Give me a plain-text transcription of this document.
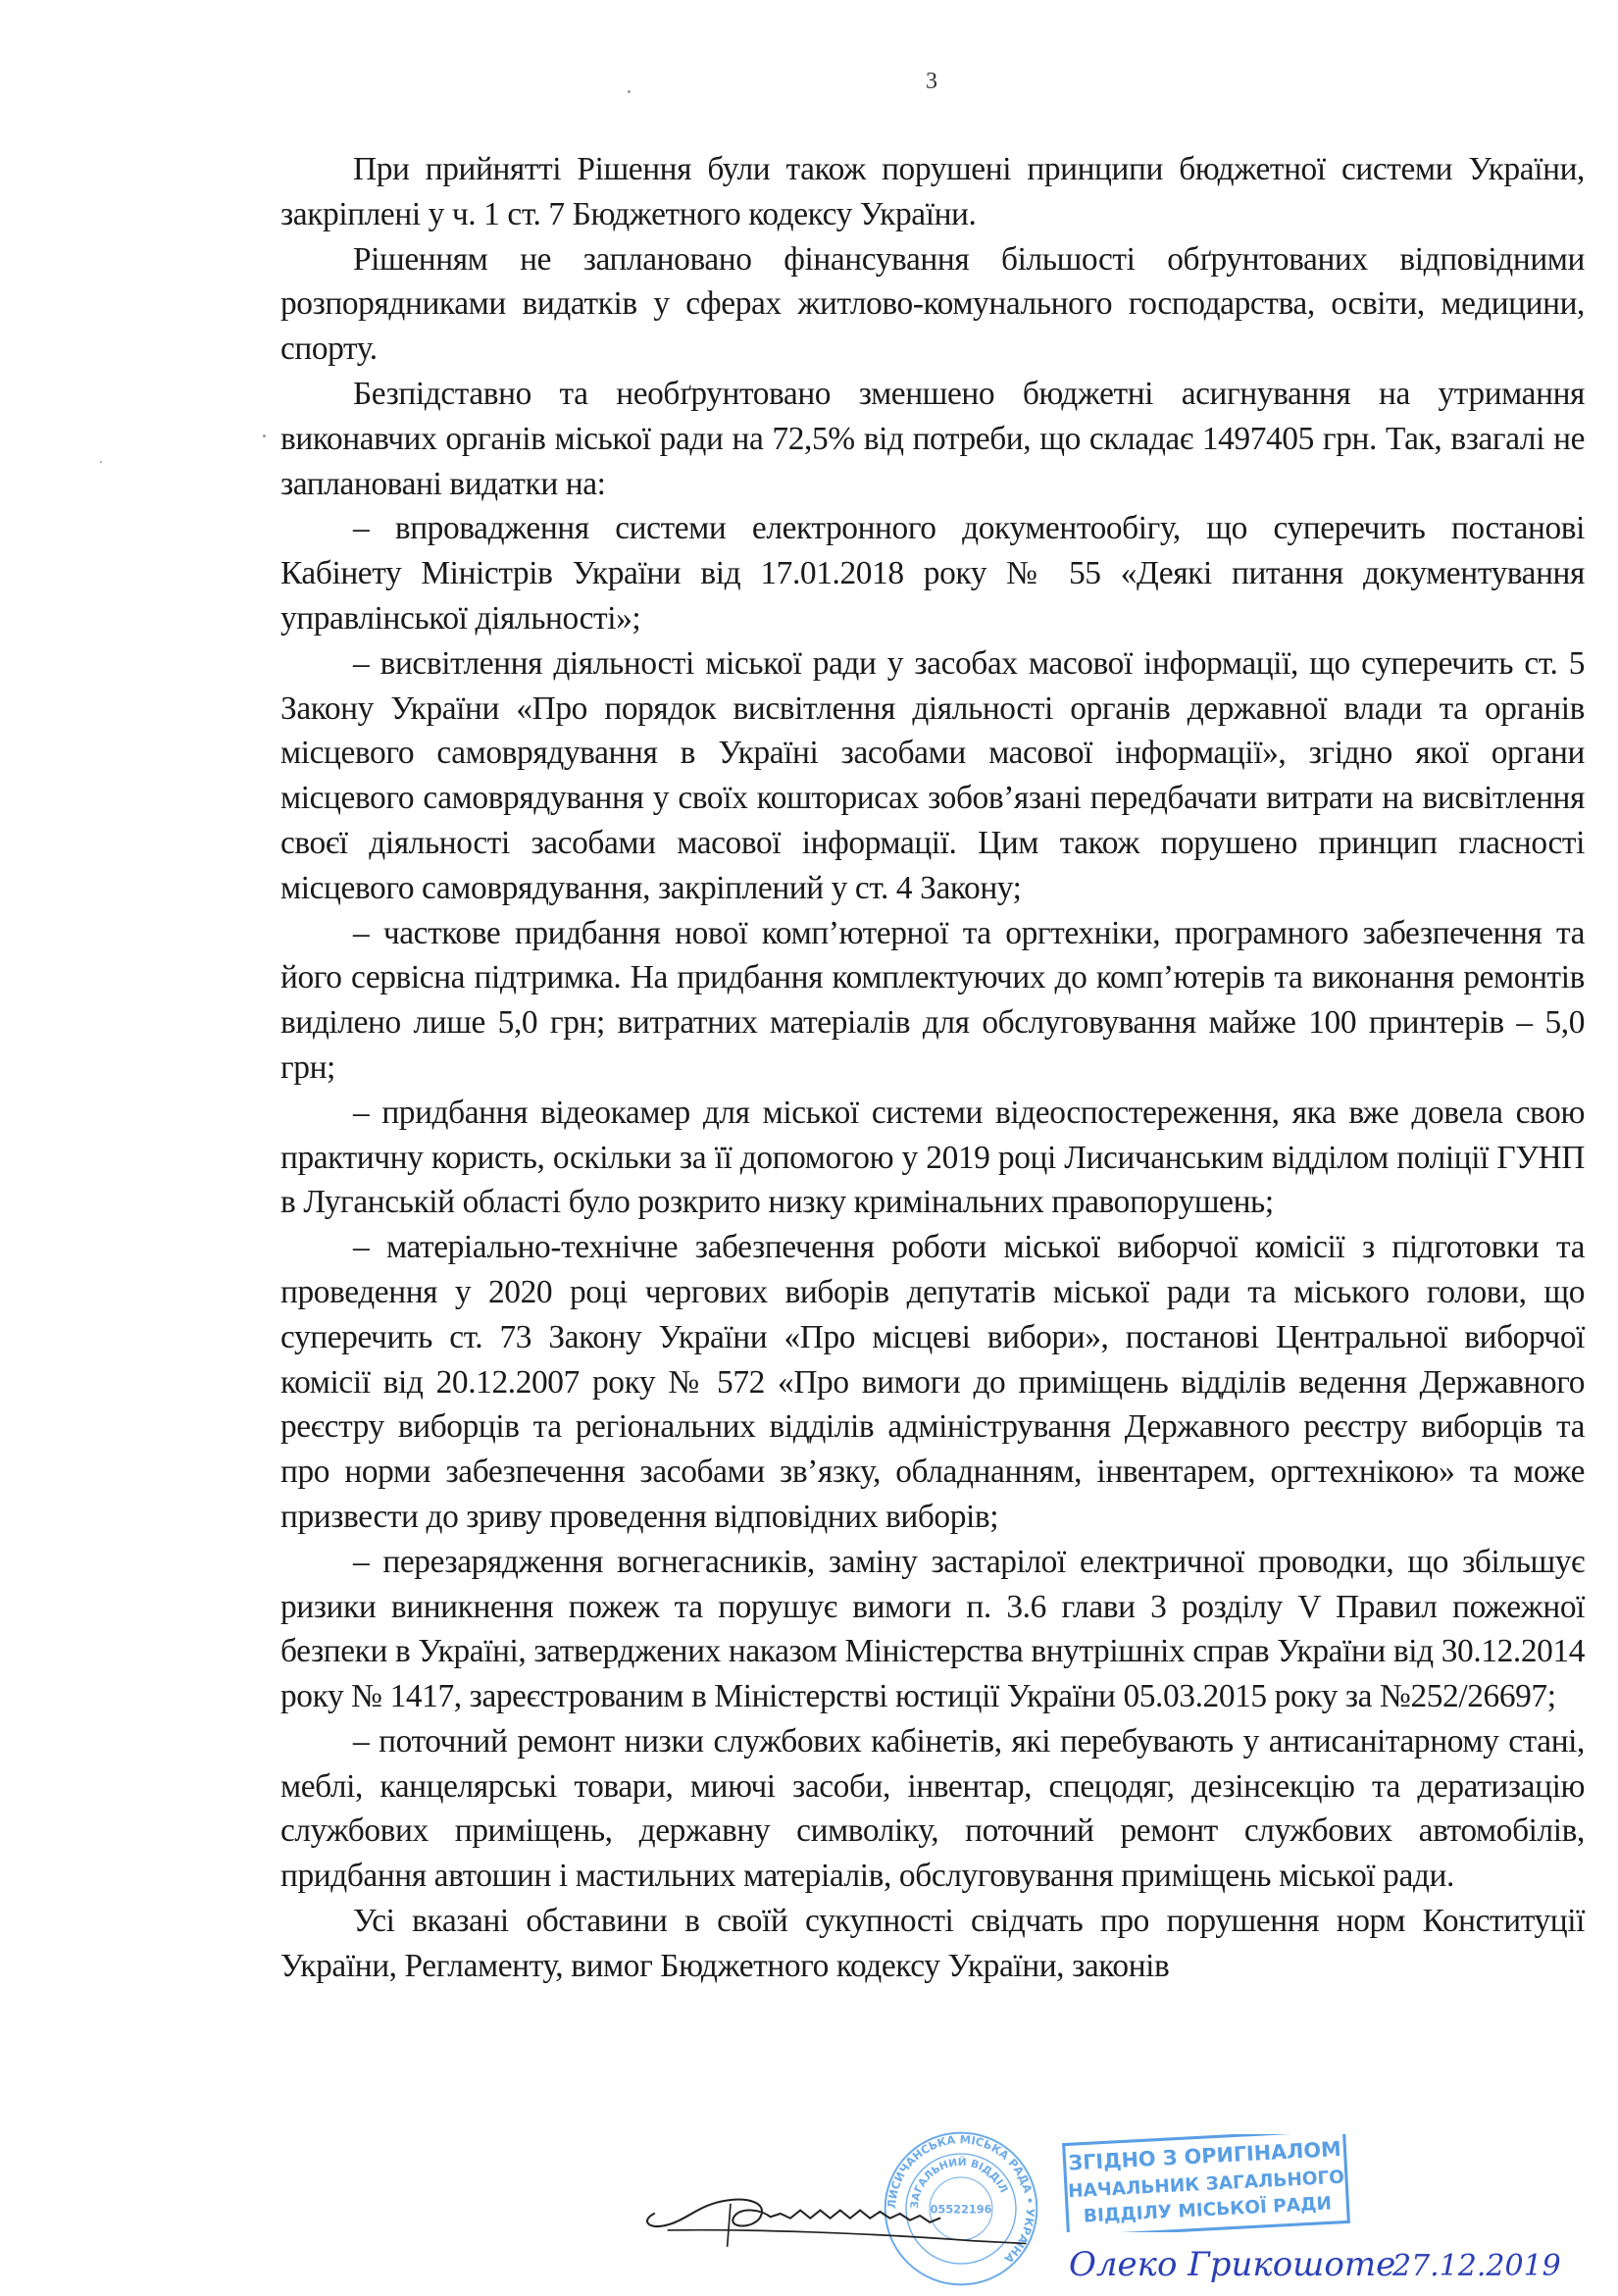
3

При прийнятті Рішення були також порушені принципи бюджетної системи України, закріплені у ч. 1 ст. 7 Бюджетного кодексу України.

Рішенням не заплановано фінансування більшості обґрунтованих відповідними розпорядниками видатків у сферах житлово-комунального господарства, освіти, медицини, спорту.

Безпідставно та необґрунтовано зменшено бюджетні асигнування на утримання виконавчих органів міської ради на 72,5% від потреби, що складає 1497405 грн. Так, взагалі не заплановані видатки на:

– впровадження системи електронного документообігу, що суперечить постанові Кабінету Міністрів України від 17.01.2018 року № 55 «Деякі питання документування управлінської діяльності»;

– висвітлення діяльності міської ради у засобах масової інформації, що суперечить ст. 5 Закону України «Про порядок висвітлення діяльності органів державної влади та органів місцевого самоврядування в Україні засобами масової інформації», згідно якої органи місцевого самоврядування у своїх кошторисах зобов’язані передбачати витрати на висвітлення своєї діяльності засобами масової інформації. Цим також порушено принцип гласності місцевого самоврядування, закріплений у ст. 4 Закону;

– часткове придбання нової комп’ютерної та оргтехніки, програмного забезпечення та його сервісна підтримка. На придбання комплектуючих до комп’ютерів та виконання ремонтів виділено лише 5,0 грн; витратних матеріалів для обслуговування майже 100 принтерів – 5,0 грн;

– придбання відеокамер для міської системи відеоспостереження, яка вже довела свою практичну користь, оскільки за її допомогою у 2019 році Лисичанським відділом поліції ГУНП в Луганській області було розкрито низку кримінальних правопорушень;

– матеріально-технічне забезпечення роботи міської виборчої комісії з підготовки та проведення у 2020 році чергових виборів депутатів міської ради та міського голови, що суперечить ст. 73 Закону України «Про місцеві вибори», постанові Центральної виборчої комісії від 20.12.2007 року № 572 «Про вимоги до приміщень відділів ведення Державного реєстру виборців та регіональних відділів адміністрування Державного реєстру виборців та про норми забезпечення засобами зв’язку, обладнанням, інвентарем, оргтехнікою» та може призвести до зриву проведення відповідних виборів;

– перезарядження вогнегасників, заміну застарілої електричної проводки, що збільшує ризики виникнення пожеж та порушує вимоги п. 3.6 глави 3 розділу V Правил пожежної безпеки в Україні, затверджених наказом Міністерства внутрішніх справ України від 30.12.2014 року № 1417, зареєстрованим в Міністерстві юстиції України 05.03.2015 року за №252/26697;

– поточний ремонт низки службових кабінетів, які перебувають у антисанітарному стані, меблі, канцелярські товари, миючі засоби, інвентар, спецодяг, дезінсекцію та дератизацію службових приміщень, державну символіку, поточний ремонт службових автомобілів, придбання автошин і мастильних матеріалів, обслуговування приміщень міської ради.

Усі вказані обставини в своїй сукупності свідчать про порушення норм Конституції України, Регламенту, вимог Бюджетного кодексу України, законів

ЛИСИЧАНСЬКА МІСЬКА РАДА • УКРАЇНА
ЗАГАЛЬНИЙ ВІДДІЛ
05522196
ЗГІДНО З ОРИГІНАЛОМ
НАЧАЛЬНИК ЗАГАЛЬНОГО
ВІДДІЛУ МІСЬКОЇ РАДИ
Олеко Грикошоте
27.12.2019
